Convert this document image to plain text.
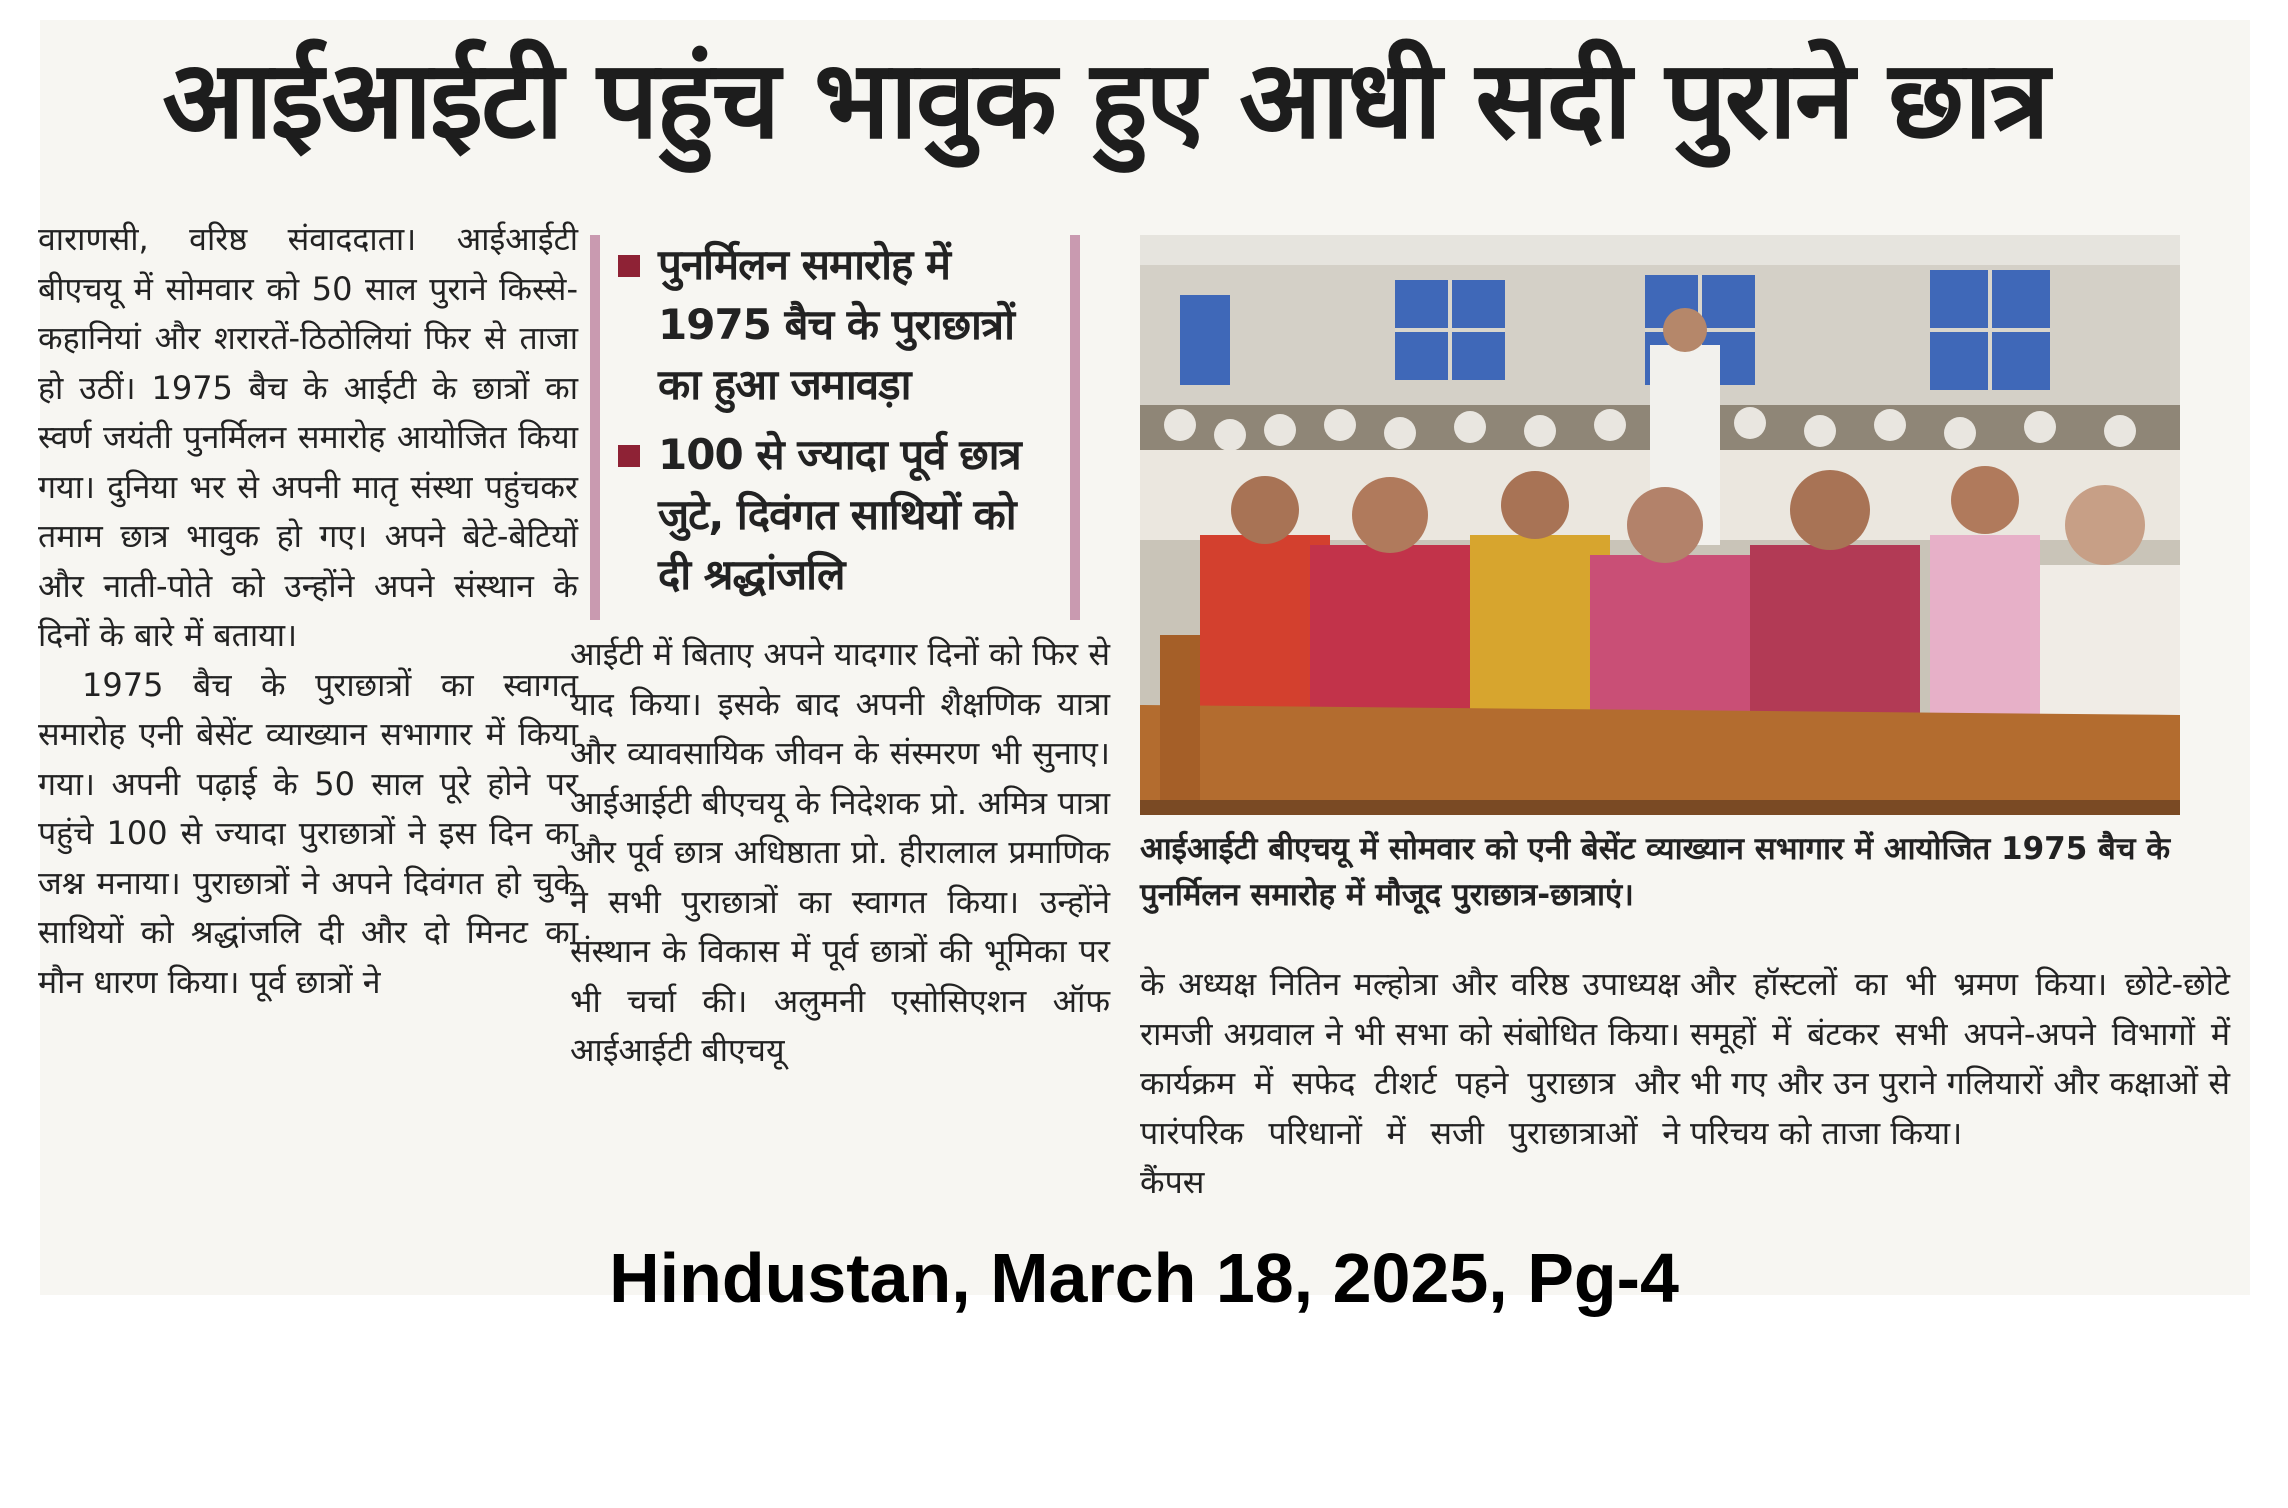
आईआईटी पहुंच भावुक हुए आधी सदी पुराने छात्र

वाराणसी, वरिष्ठ संवाददाता। आईआईटी बीएचयू में सोमवार को 50 साल पुराने किस्से-कहानियां और शरारतें-ठिठोलियां फिर से ताजा हो उठीं। 1975 बैच के आईटी के छात्रों का स्वर्ण जयंती पुनर्मिलन समारोह आयोजित किया गया। दुनिया भर से अपनी मातृ संस्था पहुंचकर तमाम छात्र भावुक हो गए। अपने बेटे-बेटियों और नाती-पोते को उन्होंने अपने संस्थान के दिनों के बारे में बताया।

1975 बैच के पुराछात्रों का स्वागत समारोह एनी बेसेंट व्याख्यान सभागार में किया गया। अपनी पढ़ाई के 50 साल पूरे होने पर पहुंचे 100 से ज्यादा पुराछात्रों ने इस दिन का जश्न मनाया। पुराछात्रों ने अपने दिवंगत हो चुके साथियों को श्रद्धांजलि दी और दो मिनट का मौन धारण किया। पूर्व छात्रों ने

पुनर्मिलन समारोह में 1975 बैच के पुराछात्रों का हुआ जमावड़ा
100 से ज्यादा पूर्व छात्र जुटे, दिवंगत साथियों को दी श्रद्धांजलि

आईटी में बिताए अपने यादगार दिनों को फिर से याद किया। इसके बाद अपनी शैक्षणिक यात्रा और व्यावसायिक जीवन के संस्मरण भी सुनाए। आईआईटी बीएचयू के निदेशक प्रो. अमित्र पात्रा और पूर्व छात्र अधिष्ठाता प्रो. हीरालाल प्रमाणिक ने सभी पुराछात्रों का स्वागत किया। उन्होंने संस्थान के विकास में पूर्व छात्रों की भूमिका पर भी चर्चा की। अलुमनी एसोसिएशन ऑफ आईआईटी बीएचयू

आईआईटी बीएचयू में सोमवार को एनी बेसेंट व्याख्यान सभागार में आयोजित 1975 बैच के पुनर्मिलन समारोह में मौजूद पुराछात्र-छात्राएं।

के अध्यक्ष नितिन मल्होत्रा और वरिष्ठ उपाध्यक्ष रामजी अग्रवाल ने भी सभा को संबोधित किया। कार्यक्रम में सफेद टीशर्ट पहने पुराछात्र और पारंपरिक परिधानों में सजी पुराछात्राओं ने कैंपस

और हॉस्टलों का भी भ्रमण किया। छोटे-छोटे समूहों में बंटकर सभी अपने-अपने विभागों में भी गए और उन पुराने गलियारों और कक्षाओं से परिचय को ताजा किया।

Hindustan, March 18, 2025, Pg-4
